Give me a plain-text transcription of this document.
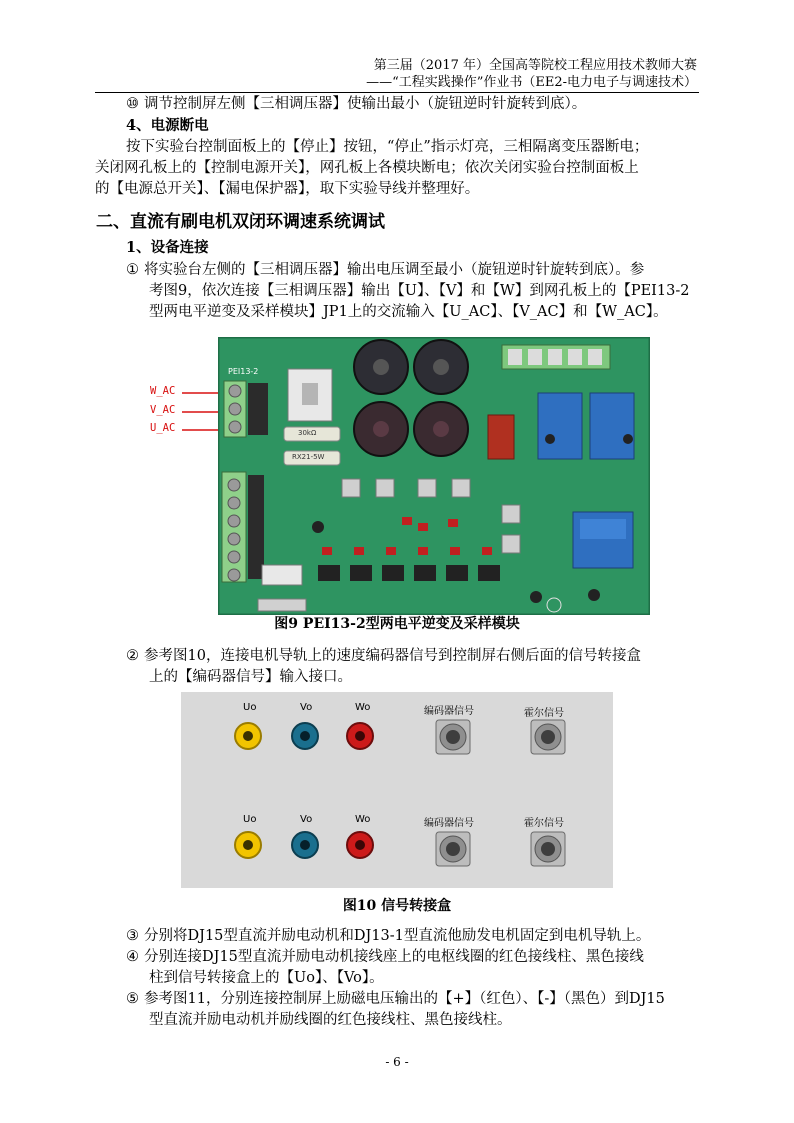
第三届（2017 年）全国高等院校工程应用技术教师大赛
——“工程实践操作”作业书（EE2-电力电子与调速技术）
⑩ 调节控制屏左侧【三相调压器】使输出最小（旋钮逆时针旋转到底）。
4、电源断电
按下实验台控制面板上的【停止】按钮，“停止”指示灯亮，三相隔离变压器断电；
关闭网孔板上的【控制电源开关】，网孔板上各模块断电；依次关闭实验台控制面板上
的【电源总开关】、【漏电保护器】，取下实验导线并整理好。
二、直流有刷电机双闭环调速系统调试
1、设备连接
① 将实验台左侧的【三相调压器】输出电压调至最小（旋钮逆时针旋转到底）。参
考图9，依次连接【三相调压器】输出【U】、【V】和【W】到网孔板上的【PEI13-2
型两电平逆变及采样模块】JP1上的交流输入【U_AC】、【V_AC】和【W_AC】。
W_AC
V_AC
U_AC
PEI13-2
30kΩ
RX21-5W
图9 PEI13-2型两电平逆变及采样模块
② 参考图10，连接电机导轨上的速度编码器信号到控制屏右侧后面的信号转接盒
上的【编码器信号】输入接口。
Uo	Vo	Wo	编码器信号	霍尔信号
Uo	Vo	Wo	编码器信号	霍尔信号
图10 信号转接盒
③ 分别将DJ15型直流并励电动机和DJ13-1型直流他励发电机固定到电机导轨上。
④ 分别连接DJ15型直流并励电动机接线座上的电枢线圈的红色接线柱、黑色接线
柱到信号转接盒上的【Uo】、【Vo】。
⑤ 参考图11，分别连接控制屏上励磁电压输出的【+】（红色）、【-】（黑色）到DJ15
型直流并励电动机并励线圈的红色接线柱、黑色接线柱。
- 6 -
